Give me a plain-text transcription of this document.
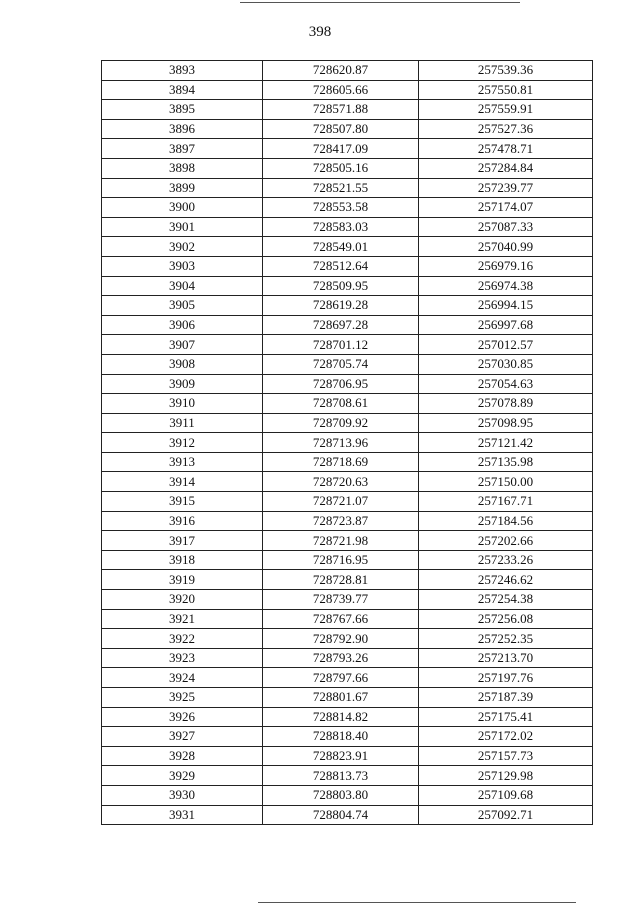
398
3893	728620.87	257539.36
3894	728605.66	257550.81
3895	728571.88	257559.91
3896	728507.80	257527.36
3897	728417.09	257478.71
3898	728505.16	257284.84
3899	728521.55	257239.77
3900	728553.58	257174.07
3901	728583.03	257087.33
3902	728549.01	257040.99
3903	728512.64	256979.16
3904	728509.95	256974.38
3905	728619.28	256994.15
3906	728697.28	256997.68
3907	728701.12	257012.57
3908	728705.74	257030.85
3909	728706.95	257054.63
3910	728708.61	257078.89
3911	728709.92	257098.95
3912	728713.96	257121.42
3913	728718.69	257135.98
3914	728720.63	257150.00
3915	728721.07	257167.71
3916	728723.87	257184.56
3917	728721.98	257202.66
3918	728716.95	257233.26
3919	728728.81	257246.62
3920	728739.77	257254.38
3921	728767.66	257256.08
3922	728792.90	257252.35
3923	728793.26	257213.70
3924	728797.66	257197.76
3925	728801.67	257187.39
3926	728814.82	257175.41
3927	728818.40	257172.02
3928	728823.91	257157.73
3929	728813.73	257129.98
3930	728803.80	257109.68
3931	728804.74	257092.71
